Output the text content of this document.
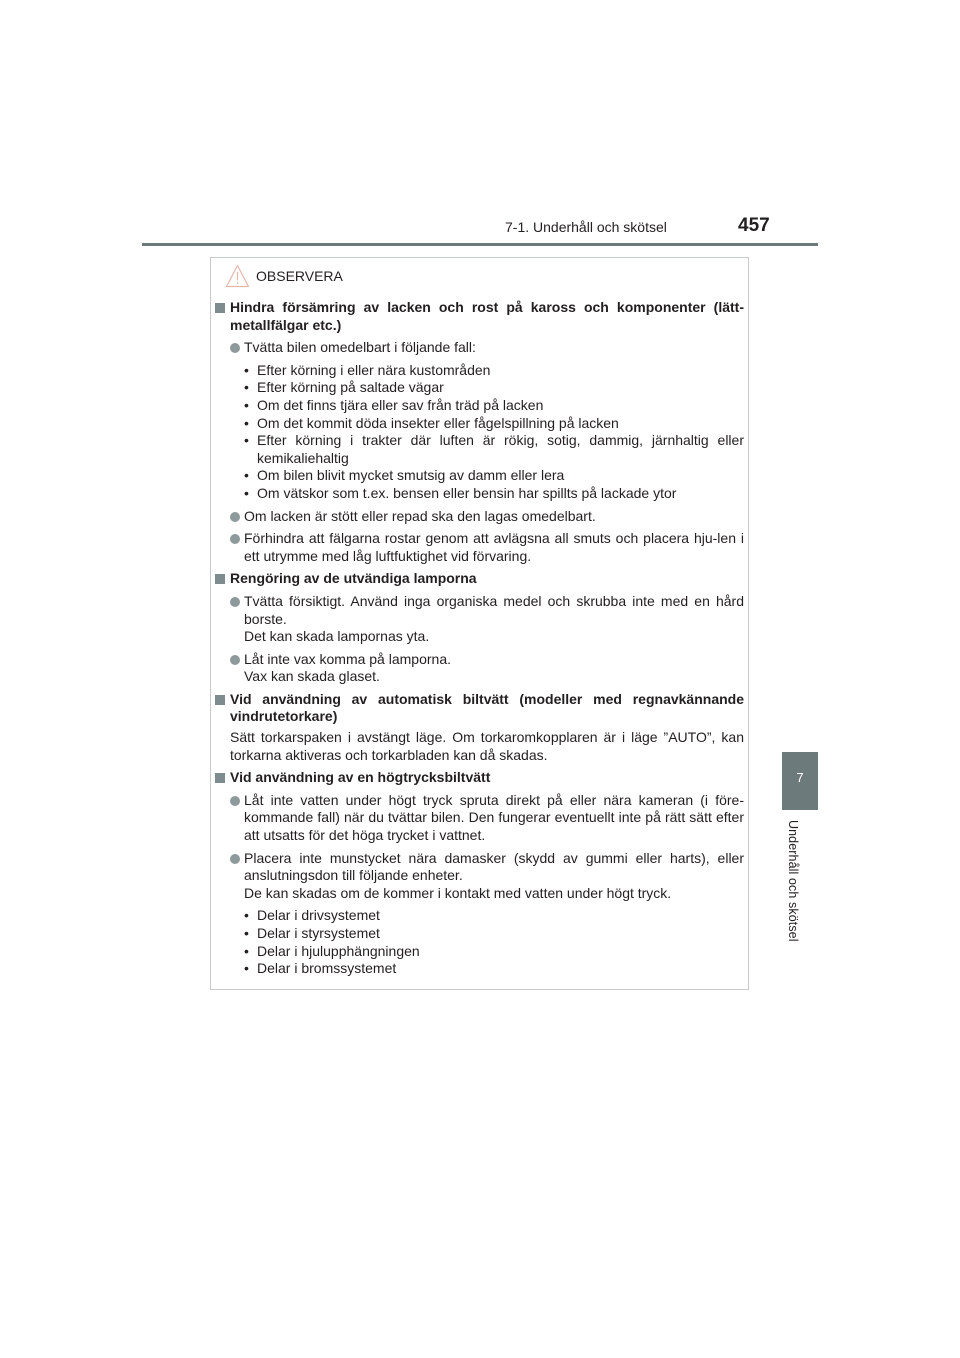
7-1. Underhåll och skötsel	457
7
Underhåll och skötsel
OBSERVERA
Hindra försämring av lacken och rost på kaross och komponenter (lätt-metallfälgar etc.)
Tvätta bilen omedelbart i följande fall:
• Efter körning i eller nära kustområden
• Efter körning på saltade vägar
• Om det finns tjära eller sav från träd på lacken
• Om det kommit döda insekter eller fågelspillning på lacken
• Efter körning i trakter där luften är rökig, sotig, dammig, järnhaltig eller kemikaliehaltig
• Om bilen blivit mycket smutsig av damm eller lera
• Om vätskor som t.ex. bensen eller bensin har spillts på lackade ytor
Om lacken är stött eller repad ska den lagas omedelbart.
Förhindra att fälgarna rostar genom att avlägsna all smuts och placera hju-len i ett utrymme med låg luftfuktighet vid förvaring.
Rengöring av de utvändiga lamporna
Tvätta försiktigt. Använd inga organiska medel och skrubba inte med en hård borste.
Det kan skada lampornas yta.
Låt inte vax komma på lamporna.
Vax kan skada glaset.
Vid användning av automatisk biltvätt (modeller med regnavkännande vindrutetorkare)
Sätt torkarspaken i avstängt läge. Om torkaromkopplaren är i läge ”AUTO”, kan torkarna aktiveras och torkarbladen kan då skadas.
Vid användning av en högtrycksbiltvätt
Låt inte vatten under högt tryck spruta direkt på eller nära kameran (i före-kommande fall) när du tvättar bilen. Den fungerar eventuellt inte på rätt sätt efter att utsatts för det höga trycket i vattnet.
Placera inte munstycket nära damasker (skydd av gummi eller harts), eller anslutningsdon till följande enheter.
De kan skadas om de kommer i kontakt med vatten under högt tryck.
• Delar i drivsystemet
• Delar i styrsystemet
• Delar i hjulupphängningen
• Delar i bromssystemet
